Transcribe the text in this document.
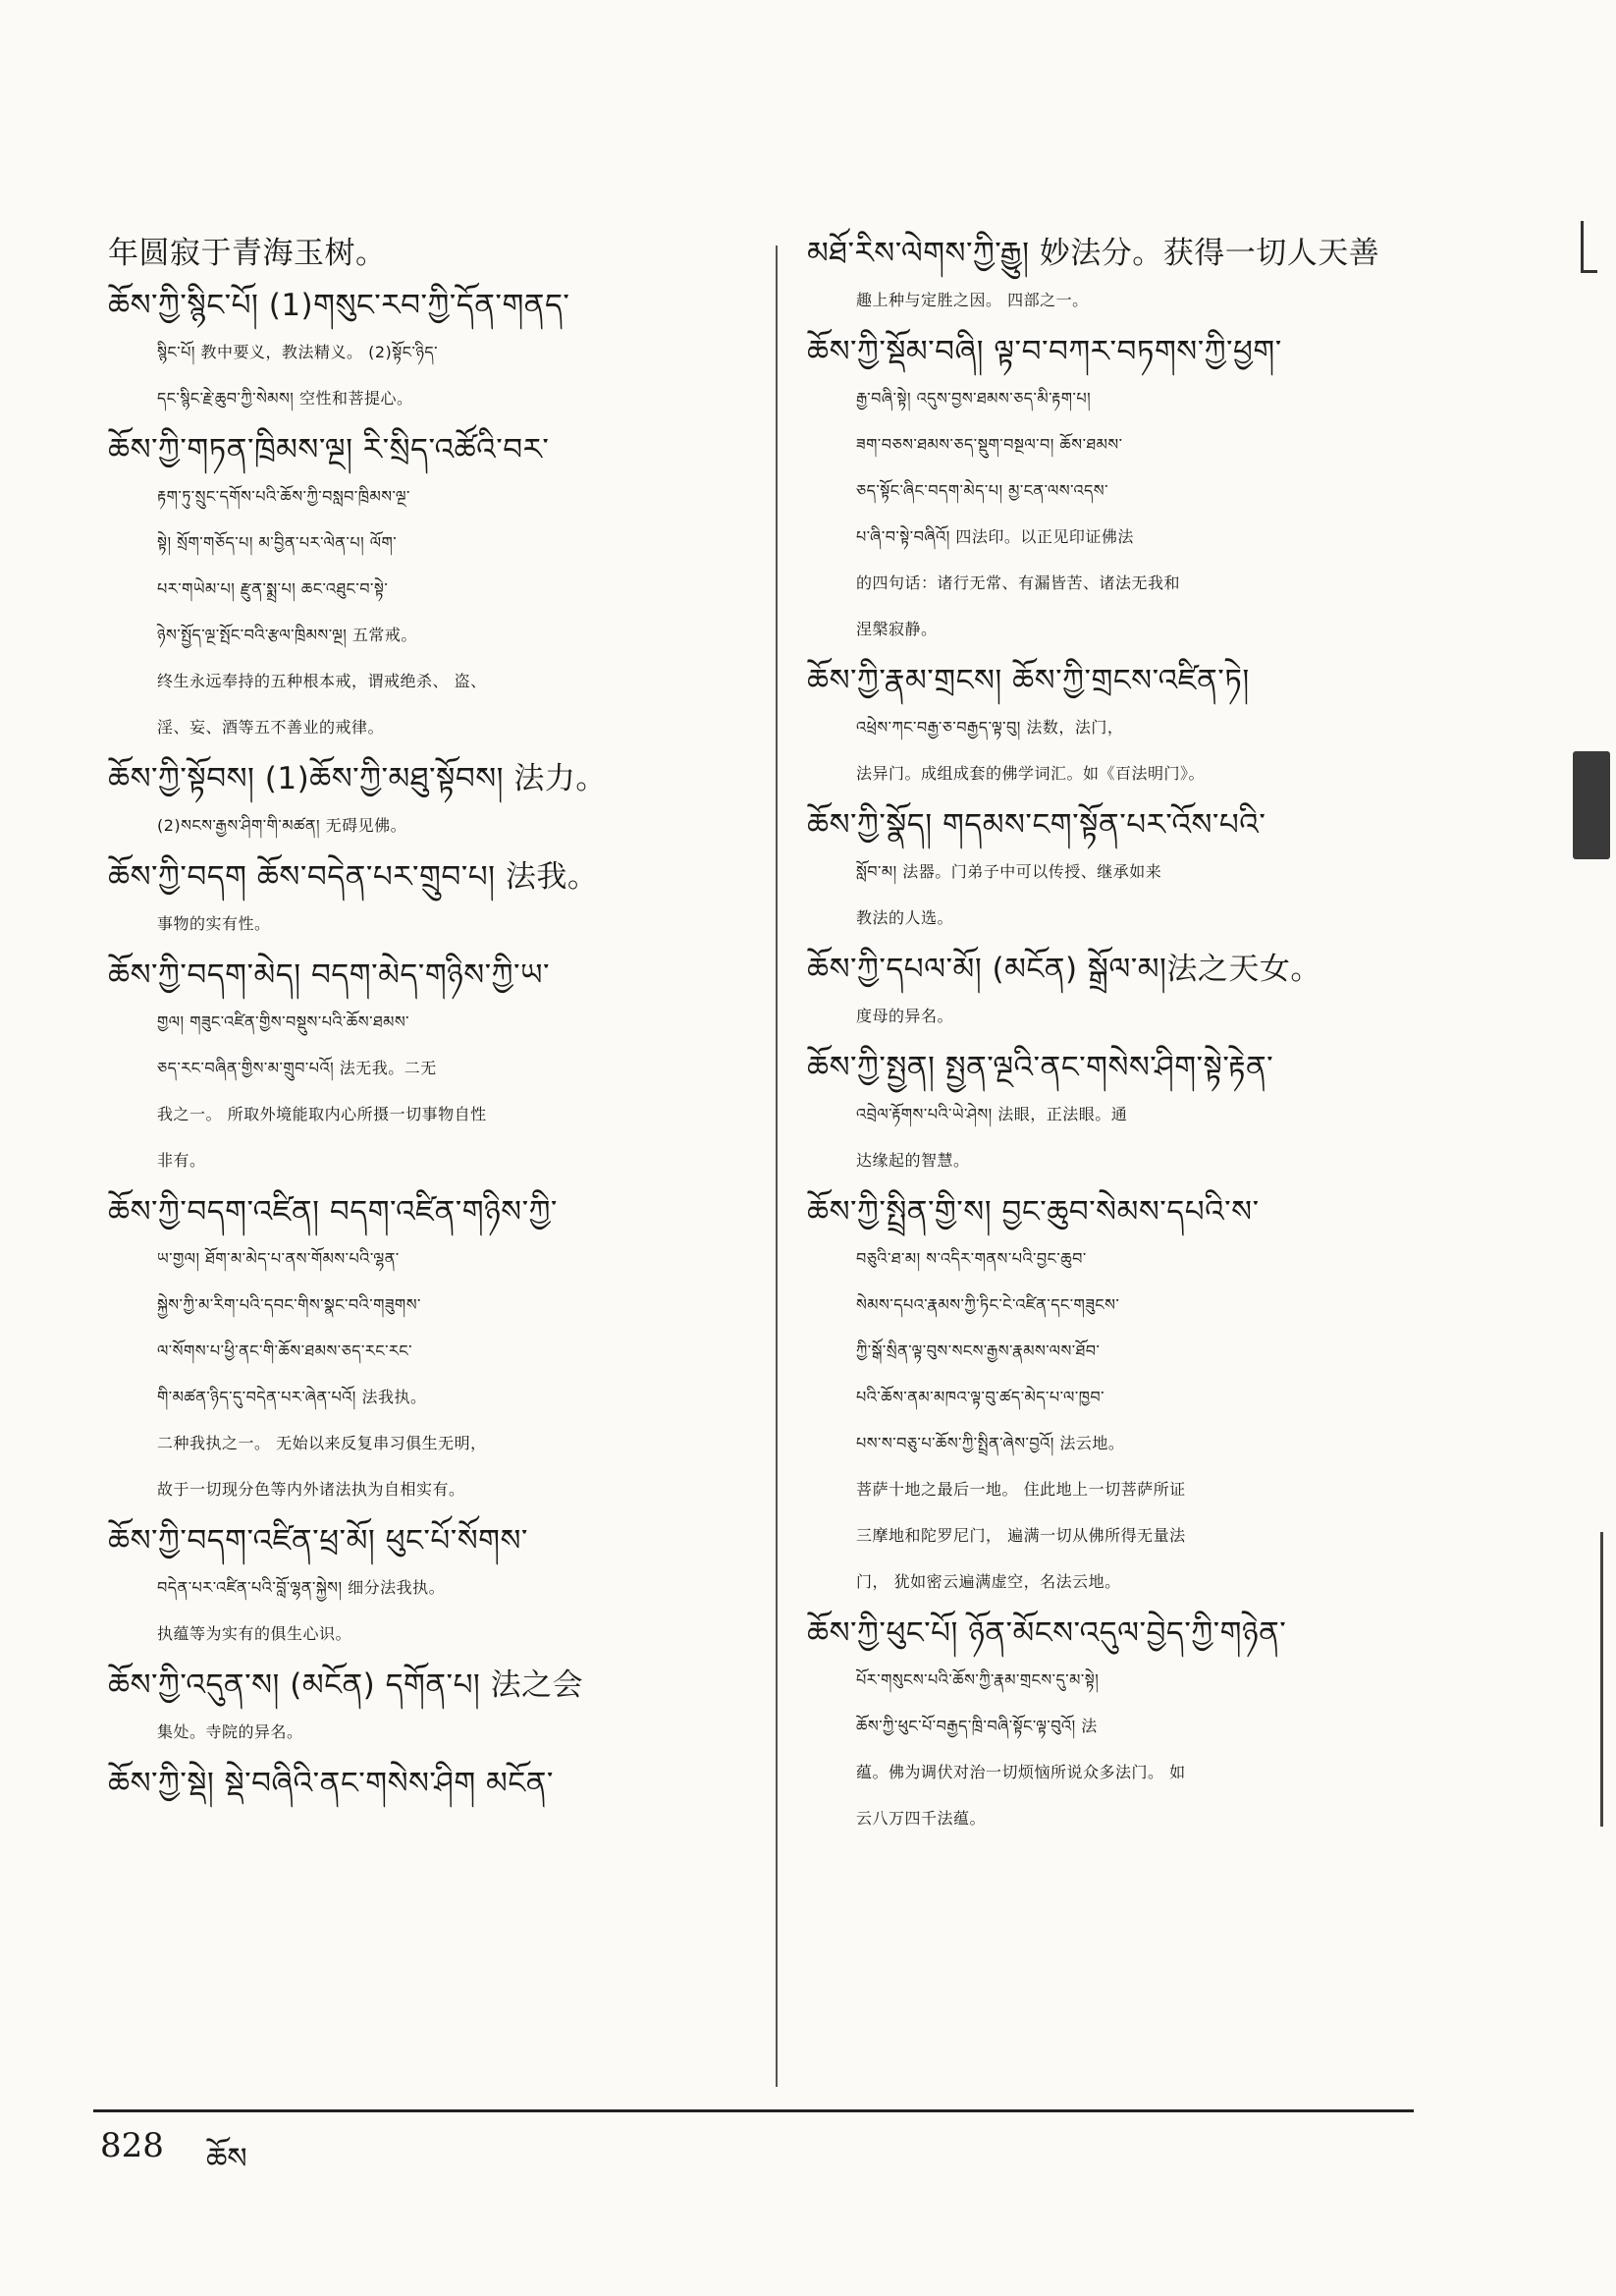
年圆寂于青海玉树。
ཆོས་ཀྱི་སྙིང་པོ། (1)གསུང་རབ་ཀྱི་དོན་གནད་
སྙིང་པོ། 教中要义，教法精义。 (2)སྟོང་ཉིད་
དང་སྙིང་རྗེ་ཆུབ་ཀྱི་སེམས། 空性和菩提心。
ཆོས་ཀྱི་གཏན་ཁྲིམས་ལྔ། རི་སྲིད་འཚོའི་བར་
རྟག་ཏུ་སྲུང་དགོས་པའི་ཆོས་ཀྱི་བསླབ་ཁྲིམས་ལྔ་
སྟེ། སྲོག་གཅོད་པ། མ་བྱིན་པར་ལེན་པ། ལོག་
པར་གཡེམ་པ། རྫུན་སྨྲ་པ། ཆང་འཐུང་བ་སྟེ་
ཉེས་སྤྱོད་ལྔ་སྤོང་བའི་རྩལ་ཁྲིམས་ལྔ། 五常戒。
终生永远奉持的五种根本戒，谓戒绝杀、 盗、
淫、妄、酒等五不善业的戒律。
ཆོས་ཀྱི་སྟོབས། (1)ཆོས་ཀྱི་མཐུ་སྟོབས། 法力。
(2)སངས་རྒྱས་ཤིག་གི་མཚན། 无碍见佛。
ཆོས་ཀྱི་བདག ཆོས་བདེན་པར་གྲུབ་པ། 法我。
事物的实有性。
ཆོས་ཀྱི་བདག་མེད། བདག་མེད་གཉིས་ཀྱི་ཡ་
གྱལ། གཟུང་འཛིན་གྱིས་བསྡུས་པའི་ཆོས་ཐམས་
ཅད་རང་བཞིན་གྱིས་མ་གྲུབ་པའོ། 法无我。二无
我之一。 所取外境能取内心所摄一切事物自性
非有。
ཆོས་ཀྱི་བདག་འཛིན། བདག་འཛིན་གཉིས་ཀྱི་
ཡ་གྱལ། ཐོག་མ་མེད་པ་ནས་གོམས་པའི་ལྷན་
སྐྱེས་ཀྱི་མ་རིག་པའི་དབང་གིས་སྣང་བའི་གཟུགས་
ལ་སོགས་པ་ཕྱི་ནང་གི་ཆོས་ཐམས་ཅད་རང་རང་
གི་མཚན་ཉིད་དུ་བདེན་པར་ཞེན་པའོ། 法我执。
二种我执之一。 无始以来反复串习俱生无明，
故于一切现分色等内外诸法执为自相实有。
ཆོས་ཀྱི་བདག་འཛིན་ཕྲ་མོ། ཕུང་པོ་སོགས་
བདེན་པར་འཛིན་པའི་བློ་ལྷན་སྐྱེས། 细分法我执。
执蕴等为实有的俱生心识。
ཆོས་ཀྱི་འདུན་ས། (མངོན) དགོན་པ། 法之会
集处。寺院的异名。
ཆོས་ཀྱི་སྡེ། སྡེ་བཞིའི་ནང་གསེས་ཤིག མངོན་
མཐོ་རིས་ལེགས་ཀྱི་རྒྱུ། 妙法分。获得一切人天善
趣上种与定胜之因。 四部之一。
ཆོས་ཀྱི་སྡོམ་བཞི། ལྟ་བ་བཀར་བཏགས་ཀྱི་ཕྱག་
རྒྱ་བཞི་སྟེ། འདུས་བྱས་ཐམས་ཅད་མི་རྟག་པ།
ཟག་བཅས་ཐམས་ཅད་སྡུག་བསྔལ་བ། ཆོས་ཐམས་
ཅད་སྟོང་ཞིང་བདག་མེད་པ། མྱ་ངན་ལས་འདས་
པ་ཞི་བ་སྟེ་བཞིའོ། 四法印。以正见印证佛法
的四句话：诸行无常、有漏皆苦、诸法无我和
涅槃寂静。
ཆོས་ཀྱི་རྣམ་གྲངས། ཆོས་ཀྱི་གྲངས་འཛིན་ཏེ།
འཕྲེས་ཀང་བརྒྱ་ཅ་བརྒྱད་ལྟ་བུ། 法数，法门，
法异门。成组成套的佛学词汇。如《百法明门》。
ཆོས་ཀྱི་སྣོད། གདམས་ངག་སྟོན་པར་འོས་པའི་
སློབ་མ། 法器。门弟子中可以传授、继承如来
教法的人选。
ཆོས་ཀྱི་དཔལ་མོ། (མངོན) སྒྲོལ་མ།法之天女。
度母的异名。
ཆོས་ཀྱི་སྤྱན། སྤྱན་ལྔའི་ནང་གསེས་ཤིག་སྟེ་རྟེན་
འབྲེལ་རྟོགས་པའི་ཡེ་ཤེས། 法眼，正法眼。通
达缘起的智慧。
ཆོས་ཀྱི་སྤྲིན་གྱི་ས། བྱང་ཆུབ་སེམས་དཔའི་ས་
བཅུའི་ཐ་མ། ས་འདིར་གནས་པའི་བྱང་ཆུབ་
སེམས་དཔའ་རྣམས་ཀྱི་ཏིང་ངེ་འཛིན་དང་གཟུངས་
ཀྱི་སྒོ་སྲིན་ལྟ་བུས་སངས་རྒྱས་རྣམས་ལས་ཐོབ་
པའི་ཆོས་ནམ་མཁའ་ལྟ་བུ་ཚད་མེད་པ་ལ་ཁྱབ་
པས་ས་བཅུ་པ་ཆོས་ཀྱི་སྤྲིན་ཞེས་བྱའོ། 法云地。
菩萨十地之最后一地。 住此地上一切菩萨所证
三摩地和陀罗尼门， 遍满一切从佛所得无量法
门， 犹如密云遍满虚空，名法云地。
ཆོས་ཀྱི་ཕུང་པོ། ཉོན་མོངས་འདུལ་བྱེད་ཀྱི་གཉེན་
པོར་གསུངས་པའི་ཆོས་ཀྱི་རྣམ་གྲངས་དུ་མ་སྟེ།
ཆོས་ཀྱི་ཕུང་པོ་བརྒྱད་ཁྲི་བཞི་སྟོང་ལྟ་བུའོ། 法
蕴。佛为调伏对治一切烦恼所说众多法门。 如
云八万四千法蕴。
828 ཆོས
